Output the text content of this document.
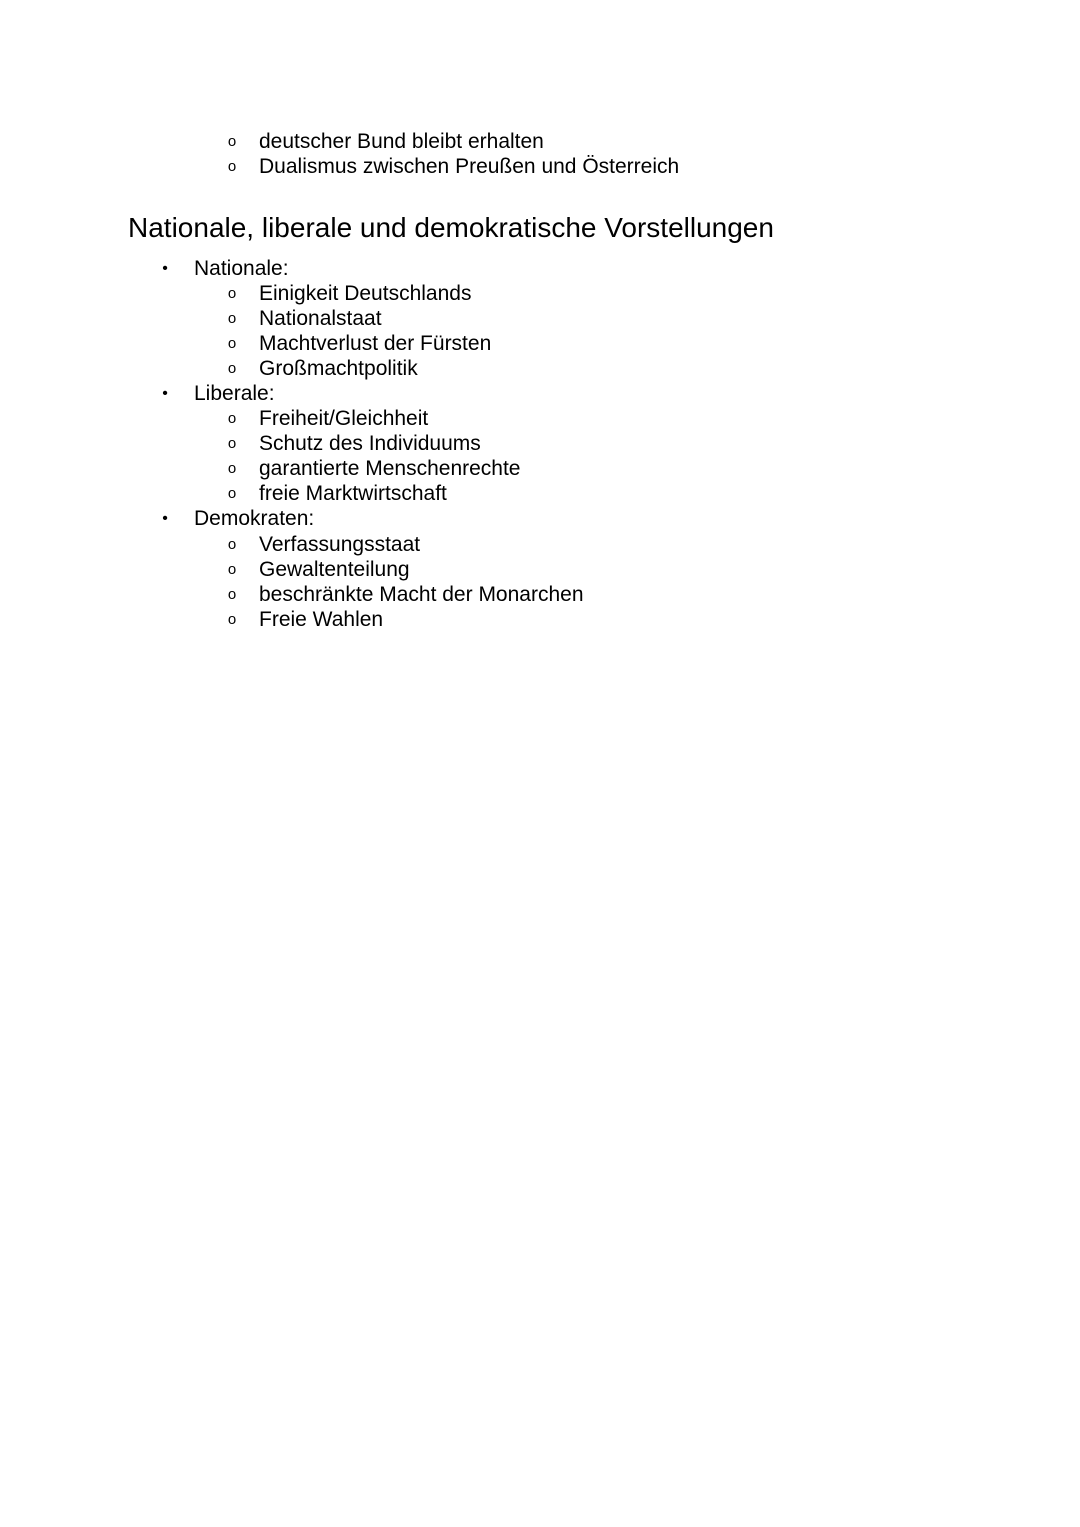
o deutscher Bund bleibt erhalten
o Dualismus zwischen Preußen und Österreich
Nationale, liberale und demokratische Vorstellungen
• Nationale:
o Einigkeit Deutschlands
o Nationalstaat
o Machtverlust der Fürsten
o Großmachtpolitik
• Liberale:
o Freiheit/Gleichheit
o Schutz des Individuums
o garantierte Menschenrechte
o freie Marktwirtschaft
• Demokraten:
o Verfassungsstaat
o Gewaltenteilung
o beschränkte Macht der Monarchen
o Freie Wahlen
